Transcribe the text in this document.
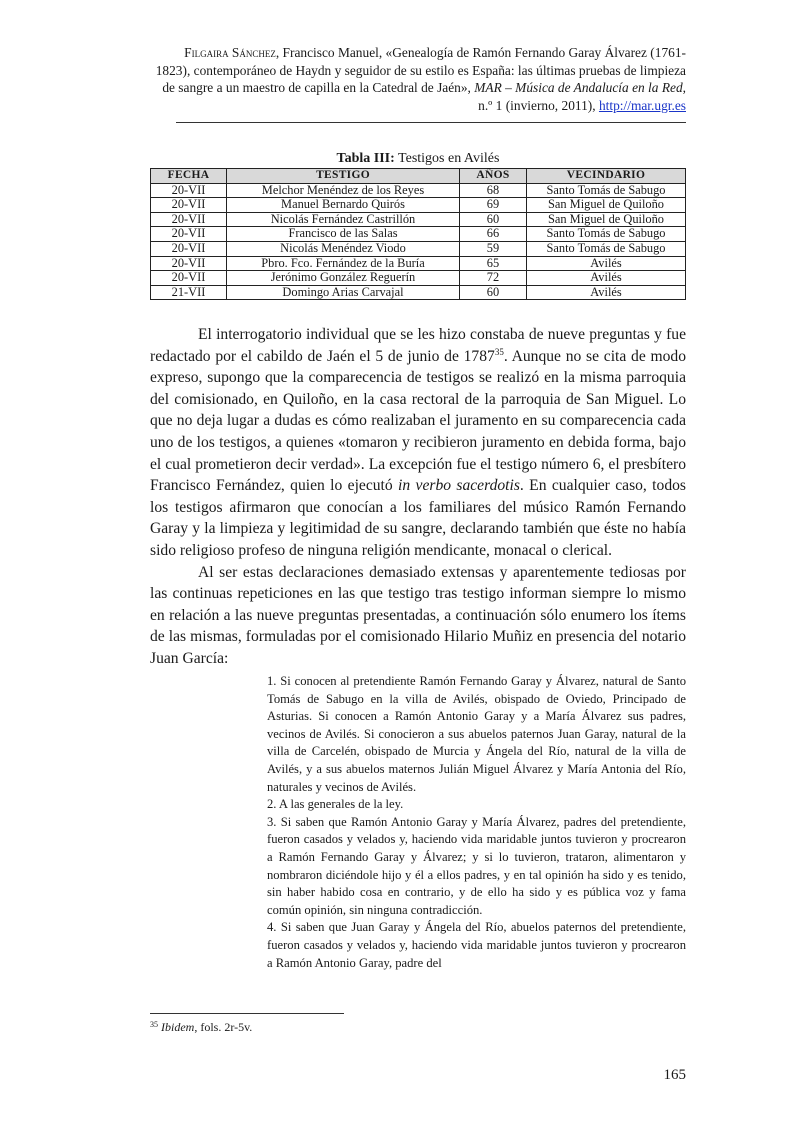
Filgaira Sánchez, Francisco Manuel, «Genealogía de Ramón Fernando Garay Álvarez (1761-
1823), contemporáneo de Haydn y seguidor de su estilo es España: las últimas pruebas de limpieza
de sangre a un maestro de capilla en la Catedral de Jaén», MAR – Música de Andalucía en la Red,
n.º 1 (invierno, 2011), http://mar.ugr.es
Tabla III: Testigos en Avilés
FECHA	TESTIGO	AÑOS	VECINDARIO
20-VII	Melchor Menéndez de los Reyes	68	Santo Tomás de Sabugo
20-VII	Manuel Bernardo Quirós	69	San Miguel de Quiloño
20-VII	Nicolás Fernández Castrillón	60	San Miguel de Quiloño
20-VII	Francisco de las Salas	66	Santo Tomás de Sabugo
20-VII	Nicolás Menéndez Viodo	59	Santo Tomás de Sabugo
20-VII	Pbro. Fco. Fernández de la Buría	65	Avilés
20-VII	Jerónimo González Reguerín	72	Avilés
21-VII	Domingo Arias Carvajal	60	Avilés

El interrogatorio individual que se les hizo constaba de nueve preguntas y fue redactado por el cabildo de Jaén el 5 de junio de 1787$^{35}$. Aunque no se cita de modo expreso, supongo que la comparecencia de testigos se realizó en la misma parroquia del comisionado, en Quiloño, en la casa rectoral de la parroquia de San Miguel. Lo que no deja lugar a dudas es cómo realizaban el juramento en su comparecencia cada uno de los testigos, a quienes «tomaron y recibieron juramento en debida forma, bajo el cual prometieron decir verdad». La excepción fue el testigo número 6, el presbítero Francisco Fernández, quien lo ejecutó in verbo sacerdotis. En cualquier caso, todos los testigos afirmaron que conocían a los familiares del músico Ramón Fernando Garay y la limpieza y legitimidad de su sangre, declarando también que éste no había sido religioso profeso de ninguna religión mendicante, monacal o clerical.

Al ser estas declaraciones demasiado extensas y aparentemente tediosas por las continuas repeticiones en las que testigo tras testigo informan siempre lo mismo en relación a las nueve preguntas presentadas, a continuación sólo enumero los ítems de las mismas, formuladas por el comisionado Hilario Muñiz en presencia del notario Juan García:

1. Si conocen al pretendiente Ramón Fernando Garay y Álvarez, natural de Santo Tomás de Sabugo en la villa de Avilés, obispado de Oviedo, Principado de Asturias. Si conocen a Ramón Antonio Garay y a María Álvarez sus padres, vecinos de Avilés. Si conocieron a sus abuelos paternos Juan Garay, natural de la villa de Carcelén, obispado de Murcia y Ángela del Río, natural de la villa de Avilés, y a sus abuelos maternos Julián Miguel Álvarez y María Antonia del Río, naturales y vecinos de Avilés.

2. A las generales de la ley.

3. Si saben que Ramón Antonio Garay y María Álvarez, padres del pretendiente, fueron casados y velados y, haciendo vida maridable juntos tuvieron y procrearon a Ramón Fernando Garay y Álvarez; y si lo tuvieron, trataron, alimentaron y nombraron diciéndole hijo y él a ellos padres, y en tal opinión ha sido y es tenido, sin haber habido cosa en contrario, y de ello ha sido y es pública voz y fama común opinión, sin ninguna contradicción.

4. Si saben que Juan Garay y Ángela del Río, abuelos paternos del pretendiente, fueron casados y velados y, haciendo vida maridable juntos tuvieron y procrearon a Ramón Antonio Garay, padre del

$^{35}$ Ibidem, fols. 2r-5v.
165
